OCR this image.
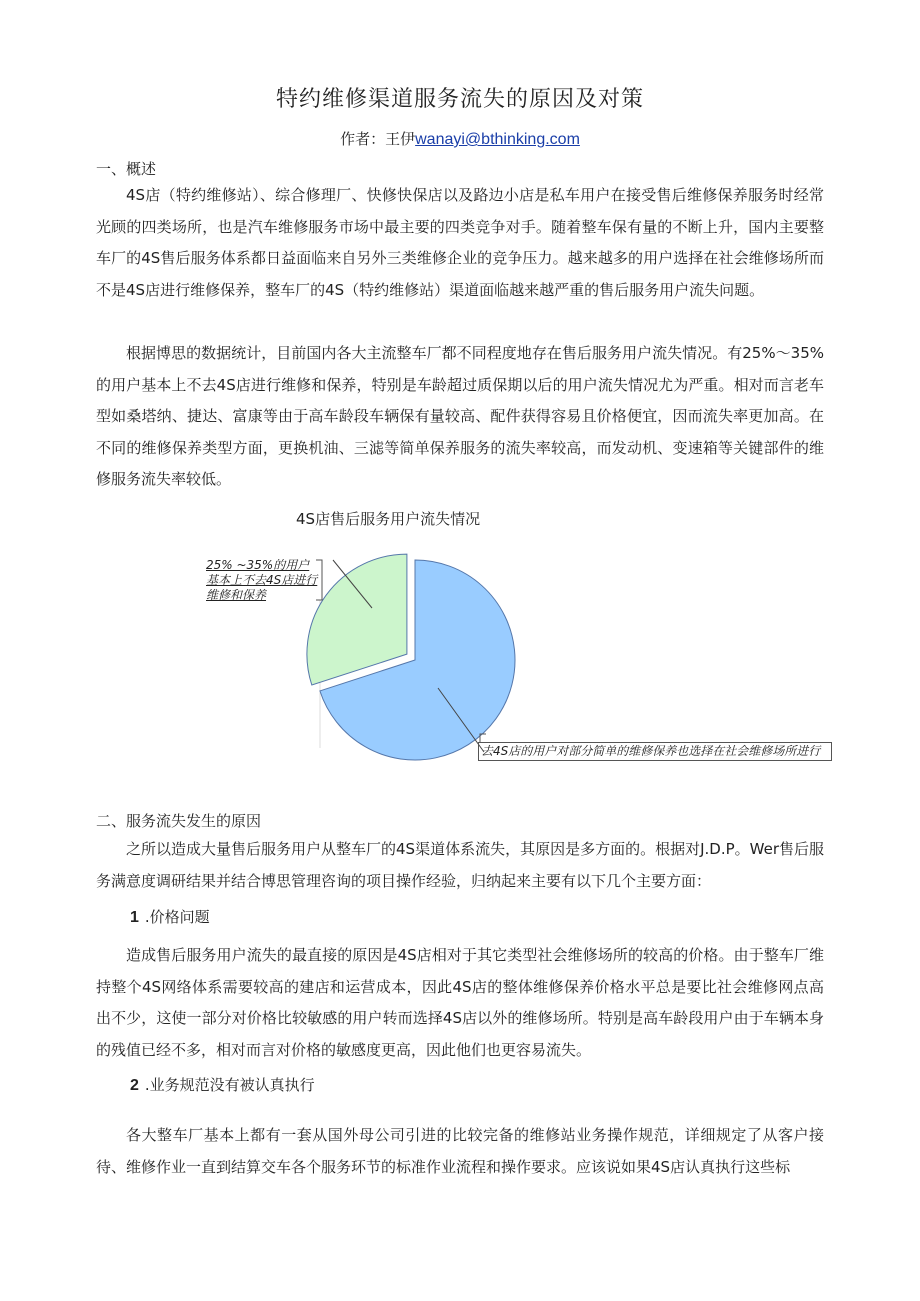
特约维修渠道服务流失的原因及对策
作者：王伊wanayi@bthinking.com
一、概述
4S店（特约维修站）、综合修理厂、快修快保店以及路边小店是私车用户在接受售后维修保养服务时经常光顾的四类场所，也是汽车维修服务市场中最主要的四类竞争对手。随着整车保有量的不断上升，国内主要整车厂的4S售后服务体系都日益面临来自另外三类维修企业的竞争压力。越来越多的用户选择在社会维修场所而不是4S店进行维修保养，整车厂的4S（特约维修站）渠道面临越来越严重的售后服务用户流失问题。
根据博思的数据统计，目前国内各大主流整车厂都不同程度地存在售后服务用户流失情况。有25%～35%的用户基本上不去4S店进行维修和保养，特别是车龄超过质保期以后的用户流失情况尤为严重。相对而言老车型如桑塔纳、捷达、富康等由于高车龄段车辆保有量较高、配件获得容易且价格便宜，因而流失率更加高。在不同的维修保养类型方面，更换机油、三滤等简单保养服务的流失率较高，而发动机、变速箱等关键部件的维修服务流失率较低。
4S店售后服务用户流失情况
25% ~35%的用户基本上不去4S店进行维修和保养
去4S店的用户对部分简单的维修保养也选择在社会维修场所进行
二、服务流失发生的原因
之所以造成大量售后服务用户从整车厂的4S渠道体系流失，其原因是多方面的。根据对J.D.P。Wer售后服务满意度调研结果并结合博思管理咨询的项目操作经验，归纳起来主要有以下几个主要方面：
1 .价格问题
造成售后服务用户流失的最直接的原因是4S店相对于其它类型社会维修场所的较高的价格。由于整车厂维持整个4S网络体系需要较高的建店和运营成本，因此4S店的整体维修保养价格水平总是要比社会维修网点高出不少，这使一部分对价格比较敏感的用户转而选择4S店以外的维修场所。特别是高车龄段用户由于车辆本身的残值已经不多，相对而言对价格的敏感度更高，因此他们也更容易流失。
2 .业务规范没有被认真执行
各大整车厂基本上都有一套从国外母公司引进的比较完备的维修站业务操作规范，详细规定了从客户接待、维修作业一直到结算交车各个服务环节的标准作业流程和操作要求。应该说如果4S店认真执行这些标
